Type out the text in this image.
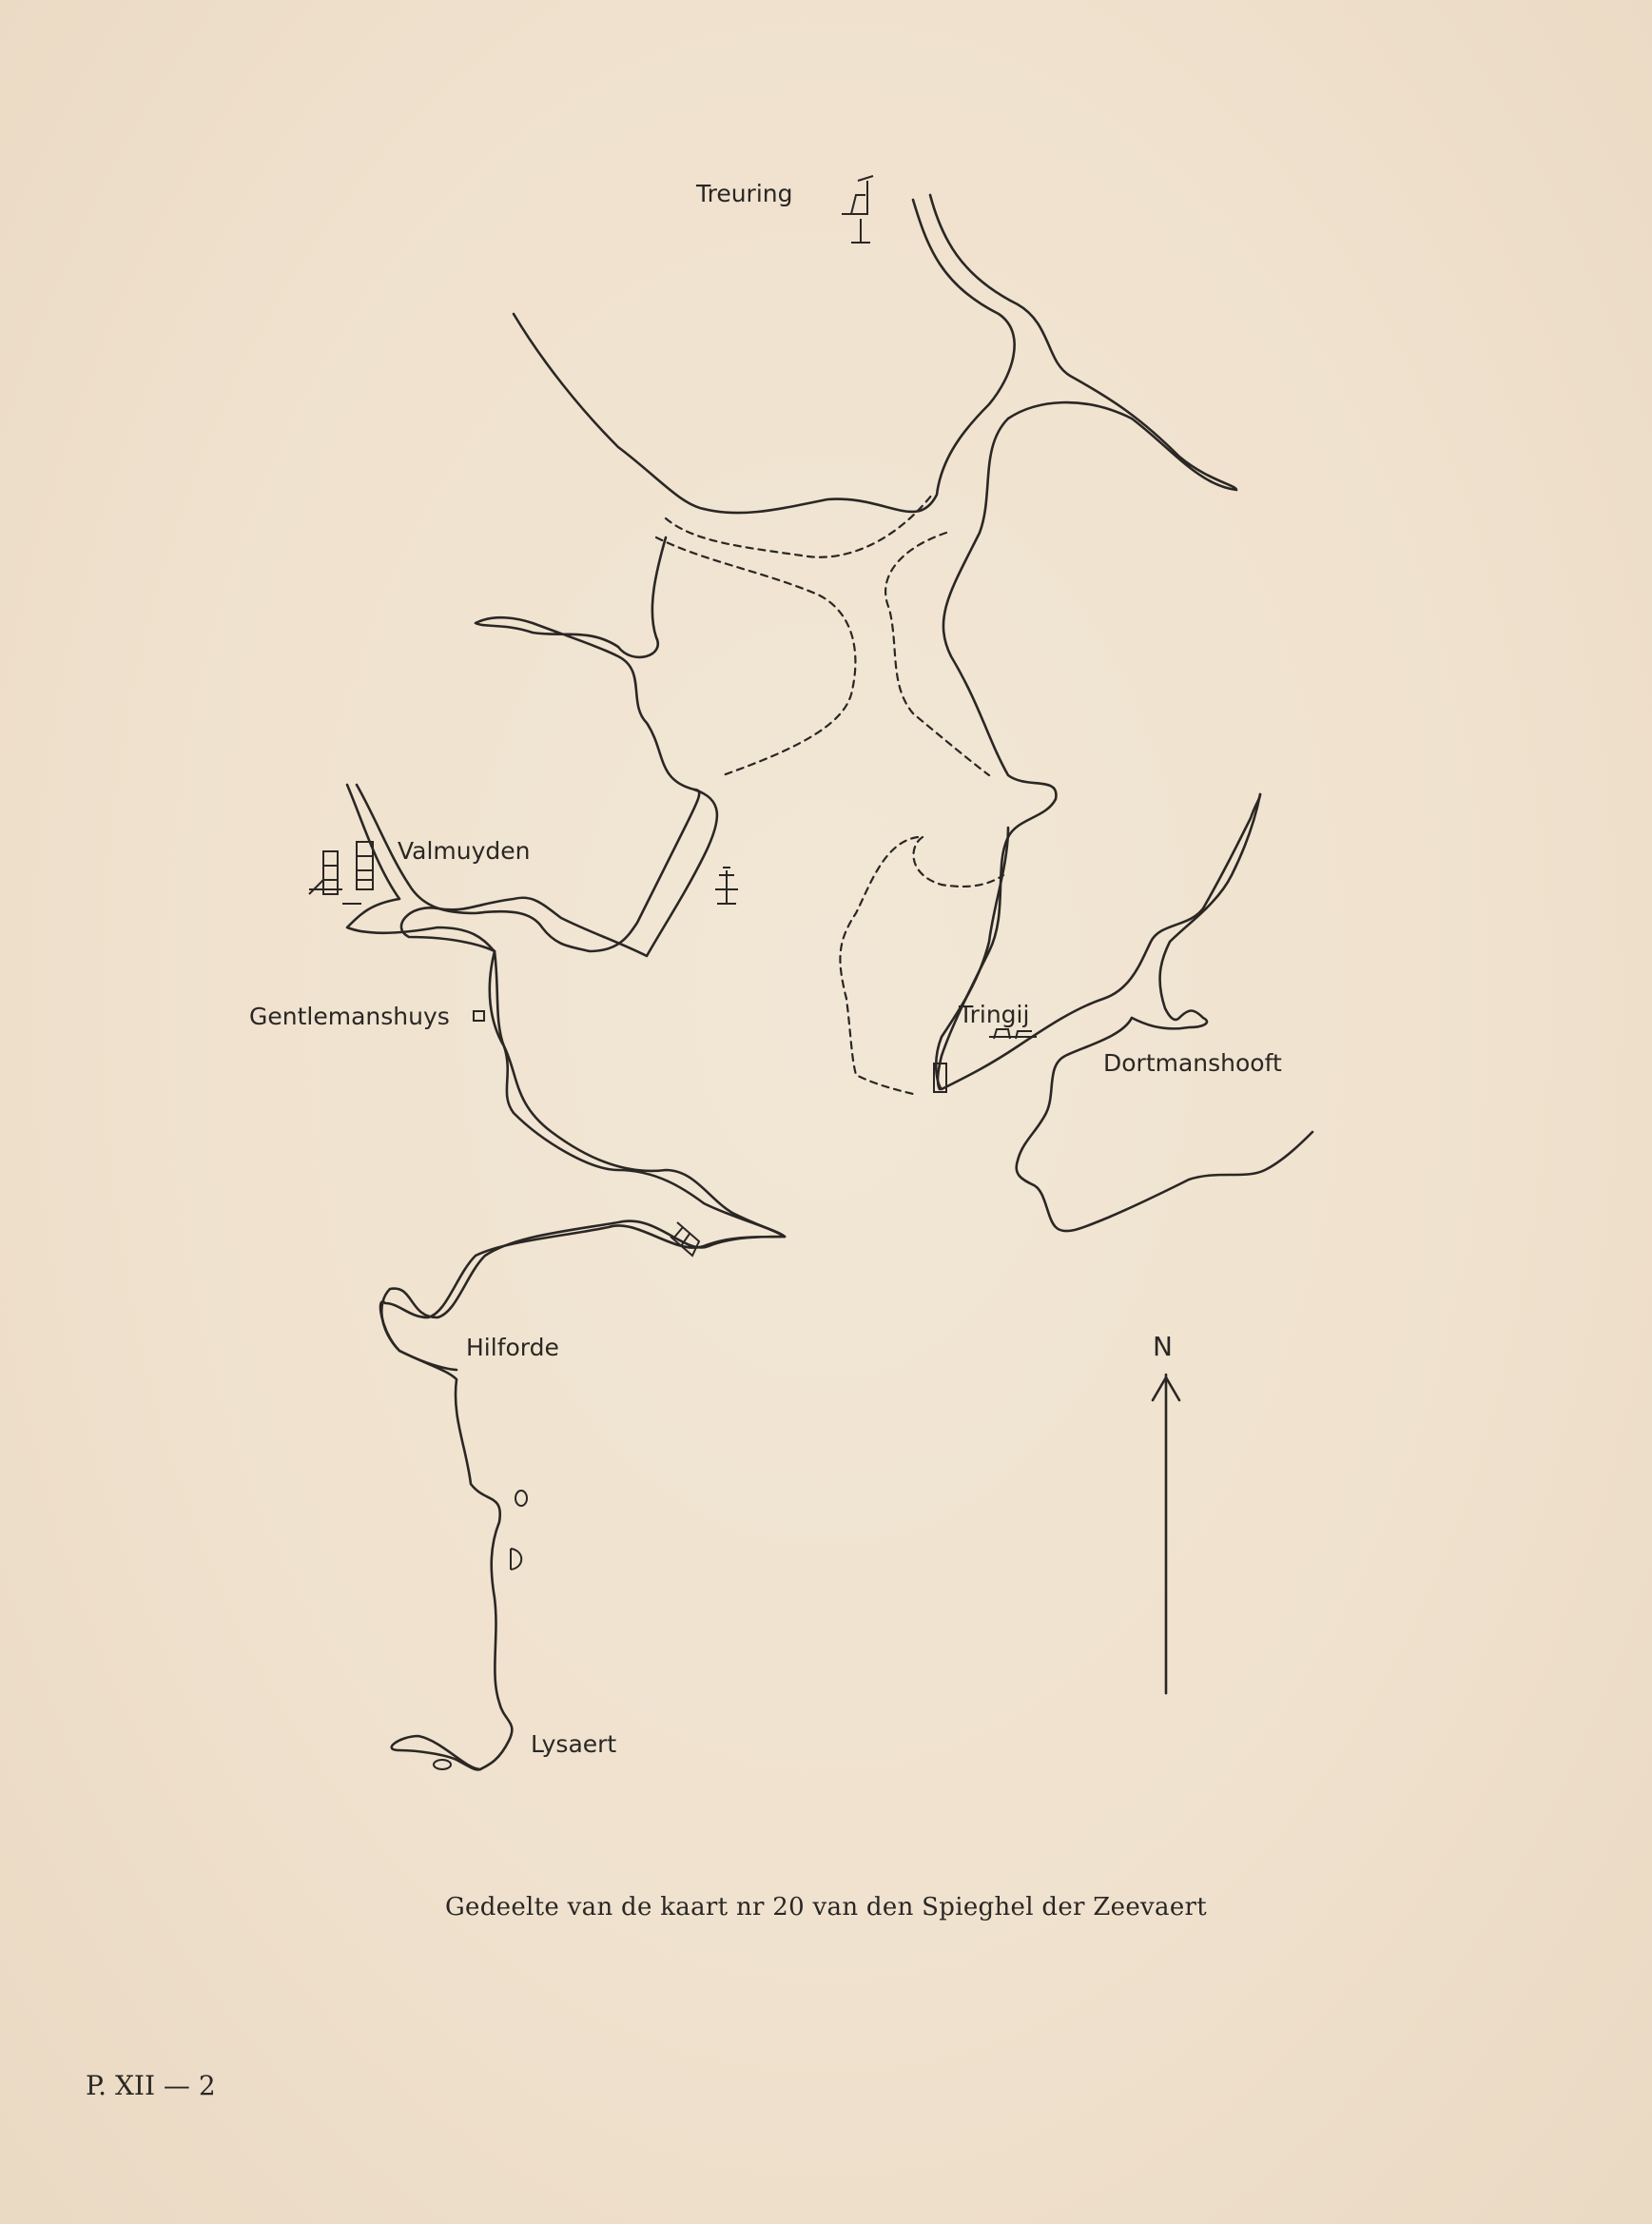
Treuring
Valmuyden
Gentlemanshuys	Tringij
Dortmanshooft
Hilforde
Lysaert
N
Gedeelte van de kaart nr 20 van den Spieghel der Zeevaert
P. XII — 2
